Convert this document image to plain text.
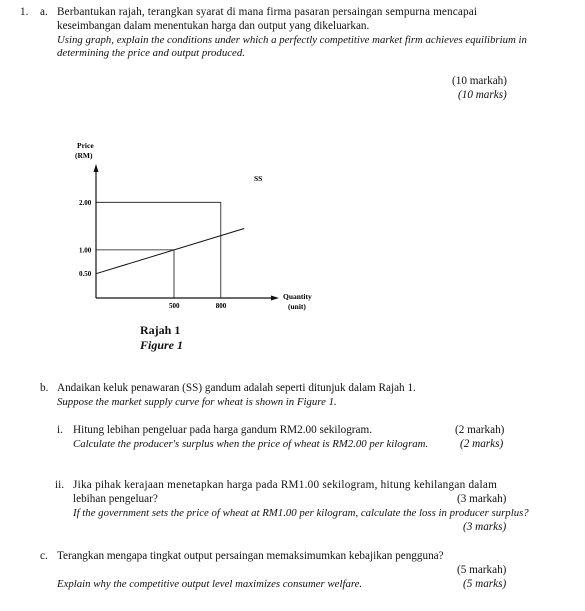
1. a. Berbantukan rajah, terangkan syarat di mana firma pasaran persaingan sempurna mencapai
keseimbangan dalam menentukan harga dan output yang dikeluarkan.
Using graph, explain the conditions under which a perfectly competitive market firm achieves equilibrium in
determining the price and output produced.
(10 markah)
(10 marks)
Price
(RM)
2.00
1.00
0.50
500	800
SS
Quantity
(unit)
Rajah 1
Figure 1
b. Andaikan keluk penawaran (SS) gandum adalah seperti ditunjuk dalam Rajah 1.
Suppose the market supply curve for wheat is shown in Figure 1.
i. Hitung lebihan pengeluar pada harga gandum RM2.00 sekilogram.
Calculate the producer's surplus when the price of wheat is RM2.00 per kilogram.
(2 markah)
(2 marks)
ii. Jika pihak kerajaan menetapkan harga pada RM1.00 sekilogram, hitung kehilangan dalam
lebihan pengeluar?	(3 markah)
If the government sets the price of wheat at RM1.00 per kilogram, calculate the loss in producer surplus?
(3 marks)
c. Terangkan mengapa tingkat output persaingan memaksimumkan kebajikan pengguna?
(5 markah)
Explain why the competitive output level maximizes consumer welfare.	(5 marks)
